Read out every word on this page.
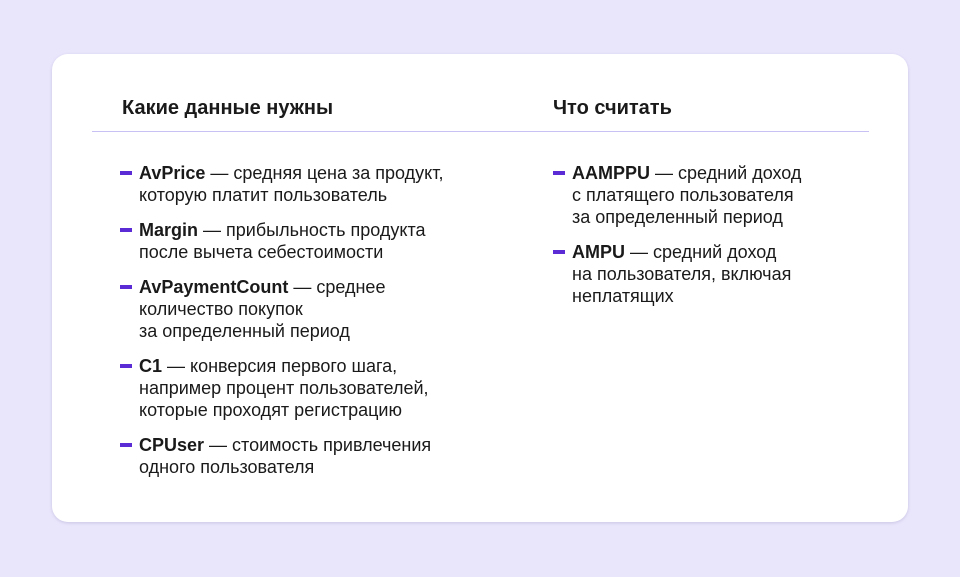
Какие данные нужны	Что считать
AvPrice — средняя цена за продукт,
которую платит пользователь
Margin — прибыльность продукта
после вычета себестоимости
AvPaymentCount — среднее
количество покупок
за определенный период
C1 — конверсия первого шага,
например процент пользователей,
которые проходят регистрацию
CPUser — стоимость привлечения
одного пользователя
AAMPPU — средний доход
с платящего пользователя
за определенный период
AMPU — средний доход
на пользователя, включая
неплатящих
